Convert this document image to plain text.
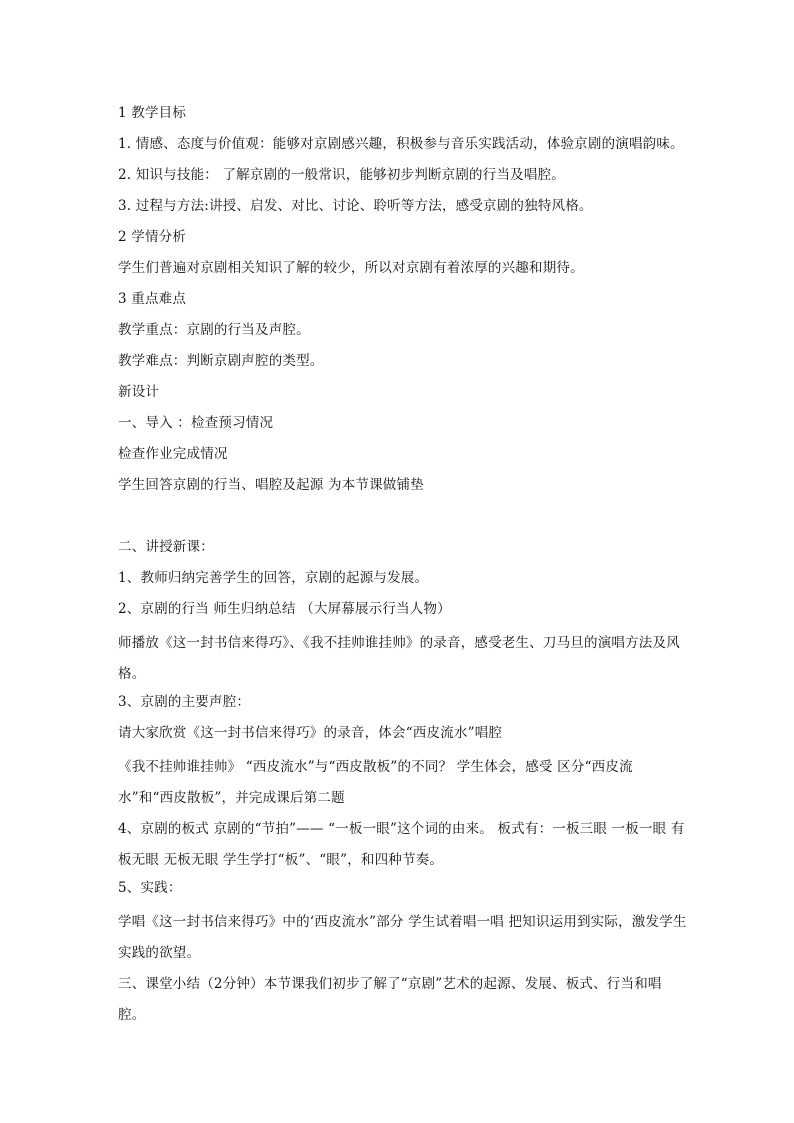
1 教学目标

1. 情感、态度与价值观：能够对京剧感兴趣，积极参与音乐实践活动，体验京剧的演唱韵味。

2. 知识与技能： 了解京剧的一般常识，能够初步判断京剧的行当及唱腔。

3. 过程与方法:讲授、启发、对比、讨论、聆听等方法，感受京剧的独特风格。

2 学情分析

学生们普遍对京剧相关知识了解的较少，所以对京剧有着浓厚的兴趣和期待。

3 重点难点

教学重点：京剧的行当及声腔。

教学难点：判断京剧声腔的类型。

新设计

一、导入 ：检查预习情况

检查作业完成情况

学生回答京剧的行当、唱腔及起源 为本节课做铺垫

二、讲授新课：

1、教师归纳完善学生的回答，京剧的起源与发展。

2、京剧的行当 师生归纳总结 （大屏幕展示行当人物）

师播放《这一封书信来得巧》、《我不挂帅谁挂帅》的录音，感受老生、刀马旦的演唱方法及风格。

3、京剧的主要声腔：

请大家欣赏《这一封书信来得巧》的录音，体会“西皮流水”唱腔

《我不挂帅谁挂帅》 “西皮流水”与“西皮散板”的不同？ 学生体会，感受 区分“西皮流水”和“西皮散板”，并完成课后第二题

4、京剧的板式 京剧的“节拍”—— “一板一眼”这个词的由来。 板式有：一板三眼 一板一眼 有板无眼 无板无眼 学生学打“板”、“眼”，和四种节奏。

5、实践：

学唱《这一封书信来得巧》中的‘西皮流水”部分 学生试着唱一唱 把知识运用到实际，激发学生实践的欲望。

三、课堂小结（2分钟）本节课我们初步了解了“京剧”艺术的起源、发展、板式、行当和唱腔。
